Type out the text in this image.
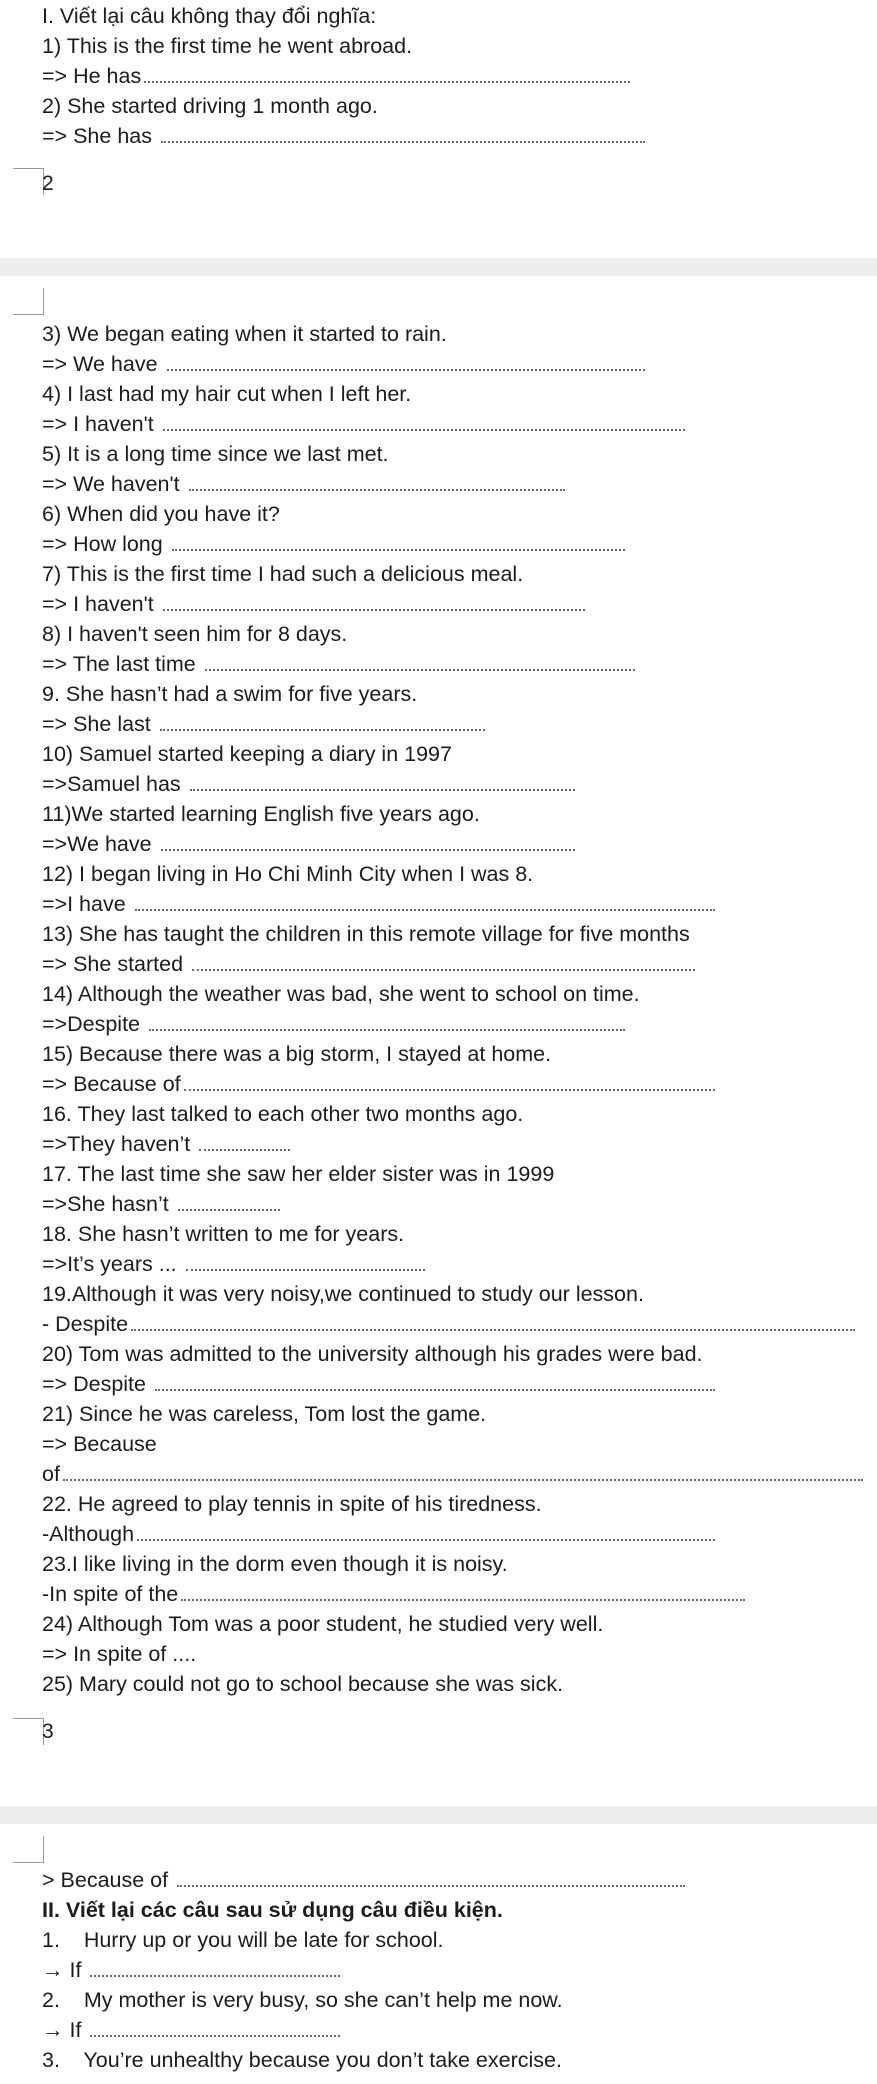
2
3
I. Viết lại câu không thay đổi nghĩa:
1) This is the first time he went abroad.
=> He has
2) She started driving 1 month ago.
=> She has
3) We began eating when it started to rain.
=> We have
4) I last had my hair cut when I left her.
=> I haven't
5) It is a long time since we last met.
=> We haven't
6) When did you have it?
=> How long
7) This is the first time I had such a delicious meal.
=> I haven't
8) I haven't seen him for 8 days.
=> The last time
9. She hasn’t had a swim for five years.
=> She last
10) Samuel started keeping a diary in 1997
=>Samuel has
11)We started learning English five years ago.
=>We have
12) I began living in Ho Chi Minh City when I was 8.
=>I have
13) She has taught the children in this remote village for five months
=> She started
14) Although the weather was bad, she went to school on time.
=>Despite
15) Because there was a big storm, I stayed at home.
=> Because of
16. They last talked to each other two months ago.
=>They haven’t
17. The last time she saw her elder sister was in 1999
=>She hasn’t
18. She hasn’t written to me for years.
=>It’s years ...
19.Although it was very noisy,we continued to study our lesson.
- Despite
20) Tom was admitted to the university although his grades were bad.
=> Despite
21) Since he was careless, Tom lost the game.
=> Because
of
22. He agreed to play tennis in spite of his tiredness.
-Although
23.I like living in the dorm even though it is noisy.
-In spite of the
24) Although Tom was a poor student, he studied very well.
=> In spite of ....
25) Mary could not go to school because she was sick.
> Because of
II. Viết lại các câu sau sử dụng câu điều kiện.
1.    Hurry up or you will be late for school.
→ If
2.    My mother is very busy, so she can’t help me now.
→ If
3.    You’re unhealthy because you don’t take exercise.
